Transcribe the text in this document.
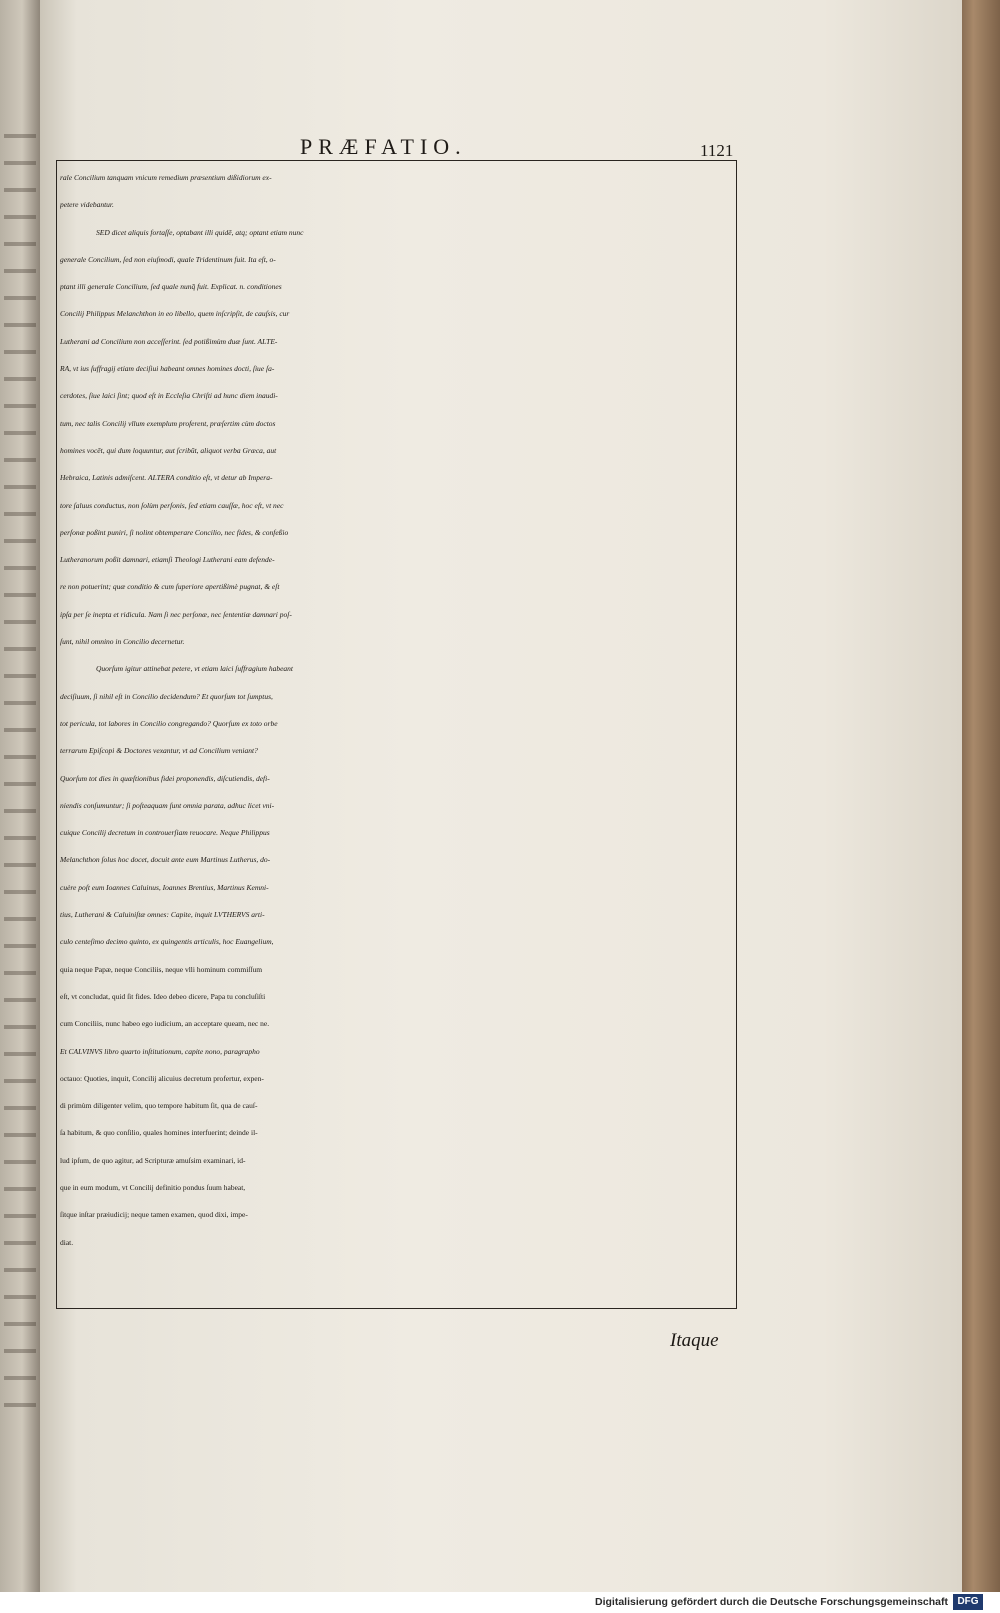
PRÆFATIO.	1121
rale Concilium tanquam vnicum remedium præsentium dißidiorum ex-
petere videbantur.
SED dicet aliquis fortaſſe, optabant illi quidē, atq; optant etiam nunc
generale Concilium, ſed non eiuſmodi, quale Tridentinum fuit. Ita eſt, o-
ptant illi generale Concilium, ſed quale nunq̄ fuit. Explicat. n. conditiones
Concilij Philippus Melanchthon in eo libello, quem inſcripſit, de cauſsis, cur
Lutherani ad Concilium non acceſſerint. ſed potißimùm duæ ſunt. ALTE-
RA, vt ius ſuffragij etiam deciſiui habeant omnes homines docti, ſiue ſa-
cerdotes, ſiue laici ſint; quod eſt in Eccleſia Chriſti ad hunc diem inaudi-
tum, nec talis Concilij vllum exemplum proferent, præſertim cùm doctos
homines vocēt, qui dum loquuntur, aut ſcribūt, aliquot verba Græca, aut
Hebraica, Latinis admiſcent. ALTERA conditio eſt, vt detur ab Impera-
tore ſaluus conductus, non ſolùm perſonis, ſed etiam cauſſæ, hoc eſt, vt nec
perſonæ poßint puniri, ſi nolint obtemperare Concilio, nec fides, & confeßio
Lutheranorum poßit damnari, etiamſi Theologi Lutherani eam defende-
re non potuerint; quæ conditio & cum ſuperiore apertißimè pugnat, & eſt
ipſa per ſe inepta et ridicula. Nam ſi nec perſonæ, nec ſententiæ damnari poſ-
ſunt, nihil omnino in Concilio decernetur.
Quorſum igitur attinebat petere, vt etiam laici ſuffragium habeant
deciſiuum, ſi nihil eſt in Concilio decidendum? Et quorſum tot ſumptus,
tot pericula, tot labores in Concilio congregando? Quorſum ex toto orbe
terrarum Epiſcopi & Doctores vexantur, vt ad Concilium veniant?
Quorſum tot dies in quæſtionibus fidei proponendis, diſcutiendis, defi-
niendis conſumuntur; ſi poſteaquam ſunt omnia parata, adhuc licet vni-
cuique Concilij decretum in controuerſiam reuocare. Neque Philippus
Melanchthon ſolus hoc docet, docuit ante eum Martinus Lutherus, do-
cuère poſt eum Ioannes Caluinus, Ioannes Brentius, Martinus Kemni-
tius, Lutherani & Caluiniſtæ omnes: Capite, inquit LVTHERVS arti-
culo centeſimo decimo quinto, ex quingentis articulis, hoc Euangelium,
quia neque Papæ, neque Conciliis, neque vlli hominum commiſſum
eſt, vt concludat, quid ſit fides. Ideo debeo dicere, Papa tu concluſiſti
cum Conciliis, nunc habeo ego iudicium, an acceptare queam, nec ne.
Et CALVINVS libro quarto inſtitutionum, capite nono, paragrapho
octauo: Quoties, inquit, Concilij alicuius decretum profertur, expen-
di primùm diligenter velim, quo tempore habitum ſit, qua de cauſ-
ſa habitum, & quo conſilio, quales homines interfuerint; deinde il-
lud ipſum, de quo agitur, ad Scripturæ amuſsim examinari, id-
que in eum modum, vt Concilij definitio pondus ſuum habeat,
ſitque inſtar præiudicij; neque tamen examen, quod dixi, impe-
diat.
Itaque
Digitalisierung gefördert durch die Deutsche Forschungsgemeinschaft DFG
